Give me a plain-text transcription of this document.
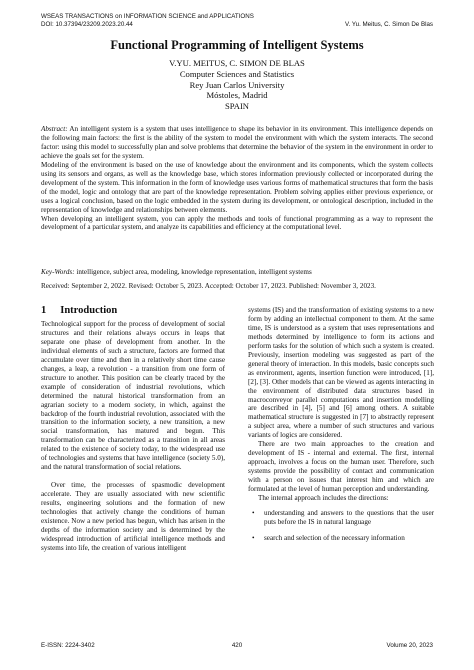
WSEAS TRANSACTIONS on INFORMATION SCIENCE and APPLICATIONS
DOI: 10.37394/23209.2023.20.44	V. Yu. Meitus, C. Simon De Blas
Functional Programming of Intelligent Systems
V.YU. MEITUS, C. SIMON DE BLAS
Computer Sciences and Statistics
Rey Juan Carlos University
Móstoles, Madrid
SPAIN

Abstract: An intelligent system is a system that uses intelligence to shape its behavior in its environment. This intelligence depends on the following main factors: the first is the ability of the system to model the environment with which the system interacts. The second factor: using this model to successfully plan and solve problems that determine the behavior of the system in the environment in order to achieve the goals set for the system.

Modeling of the environment is based on the use of knowledge about the environment and its components, which the system collects using its sensors and organs, as well as the knowledge base, which stores information previously collected or incorporated during the development of the system. This information in the form of knowledge uses various forms of mathematical structures that form the basis of the model, logic and ontology that are part of the knowledge representation. Problem solving applies either previous experience, or uses a logical conclusion, based on the logic embedded in the system during its development, or ontological description, included in the representation of knowledge and relationships between elements.

When developing an intelligent system, you can apply the methods and tools of functional programming as a way to represent the development of a particular system, and analyze its capabilities and efficiency at the computational level.

Key-Words: intelligence, subject area, modeling, knowledge representation, intelligent systems
Received: September 2, 2022. Revised: October 5, 2023. Accepted: October 17, 2023. Published: November 3, 2023.
1 Introduction

Technological support for the process of development of social structures and their relations always occurs in leaps that separate one phase of development from another. In the individual elements of such a structure, factors are formed that accumulate over time and then in a relatively short time cause changes, a leap, a revolution - a transition from one form of structure to another. This position can be clearly traced by the example of consideration of industrial revolutions, which determined the natural historical transformation from an agrarian society to a modern society, in which, against the backdrop of the fourth industrial revolution, associated with the transition to the information society, a new transition, a new social transformation, has matured and begun. This transformation can be characterized as a transition in all areas related to the existence of society today, to the widespread use of technologies and systems that have intelligence (society 5.0), and the natural transformation of social relations.

Over time, the processes of spasmodic development accelerate. They are usually associated with new scientific results, engineering solutions and the formation of new technologies that actively change the conditions of human existence. Now a new period has begun, which has arisen in the depths of the information society and is determined by the widespread introduction of artificial intelligence methods and systems into life, the creation of various intelligent

systems (IS) and the transformation of existing systems to a new form by adding an intellectual component to them. At the same time, IS is understood as a system that uses representations and methods determined by intelligence to form its actions and perform tasks for the solution of which such a system is created. Previously, insertion modeling was suggested as part of the general theory of interaction. In this models, basic concepts such as environment, agents, insertion function were introduced, [1], [2], [3]. Other models that can be viewed as agents interacting in the environment of distributed data structures based in macroconveyor parallel computations and insertion modelling are described in [4], [5] and [6] among others. A suitable mathematical structure is suggested in [7] to abstractly represent a subject area, where a number of such structures and various variants of logics are considered.

There are two main approaches to the creation and development of IS - internal and external. The first, internal approach, involves a focus on the human user. Therefore, such systems provide the possibility of contact and communication with a person on issues that interest him and which are formulated at the level of human perception and understanding.

The internal approach includes the directions:

• understanding and answers to the questions that the user puts before the IS in natural language
• search and selection of the necessary information
E-ISSN: 2224-3402	420	Volume 20, 2023
